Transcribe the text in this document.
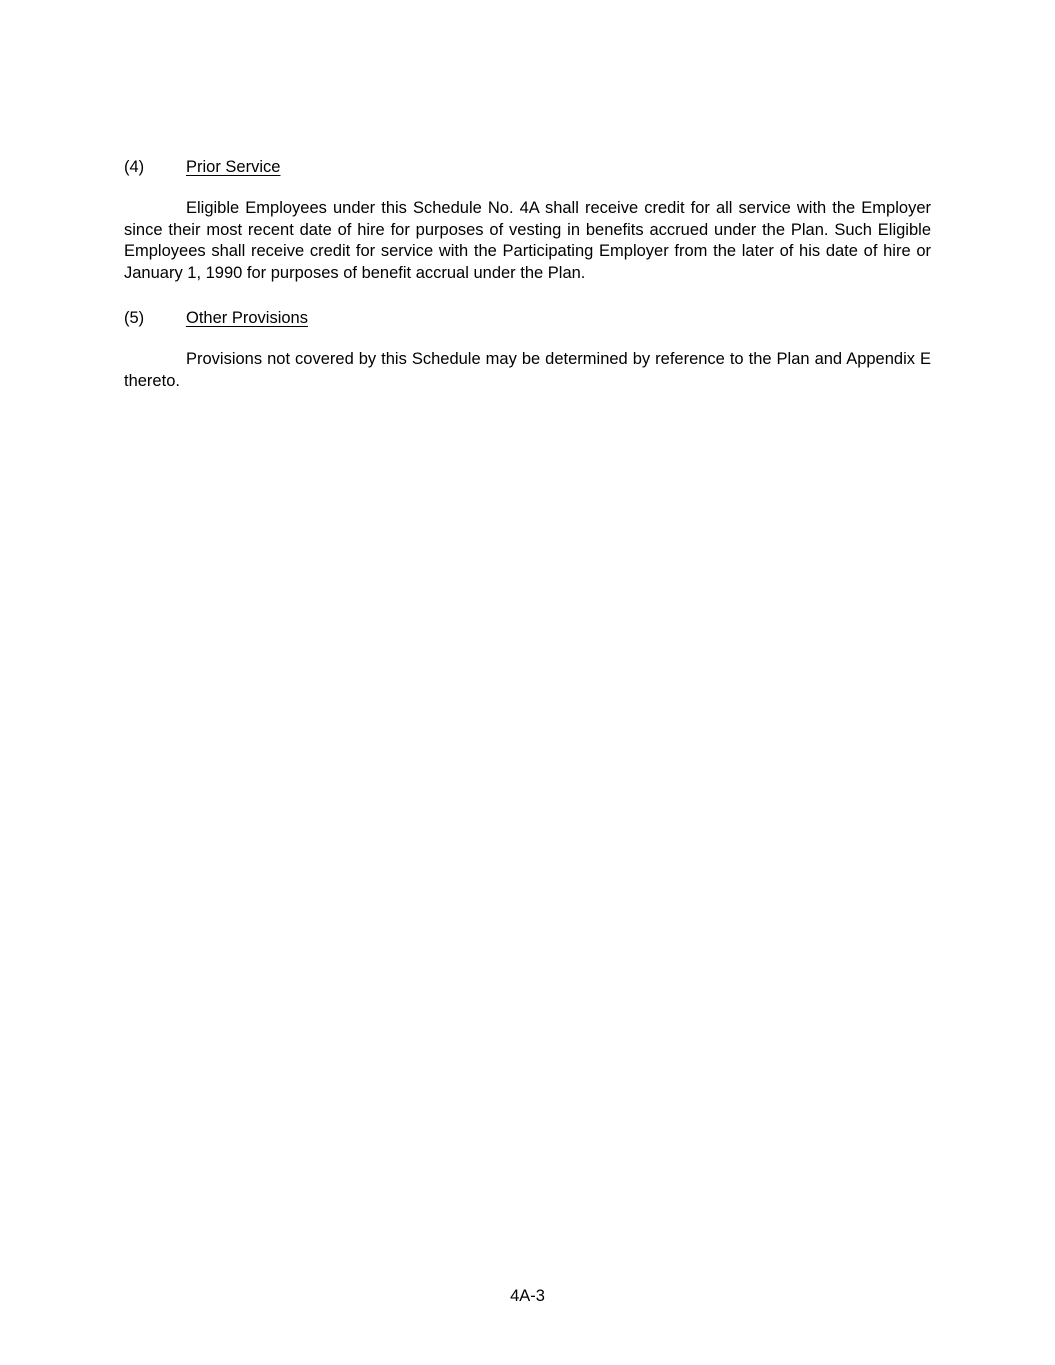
(4)	Prior Service

Eligible Employees under this Schedule No. 4A shall receive credit for all service with the Employer since their most recent date of hire for purposes of vesting in benefits accrued under the Plan. Such Eligible Employees shall receive credit for service with the Participating Employer from the later of his date of hire or January 1, 1990 for purposes of benefit accrual under the Plan.

(5)	Other Provisions

Provisions not covered by this Schedule may be determined by reference to the Plan and Appendix E thereto.

4A-3
